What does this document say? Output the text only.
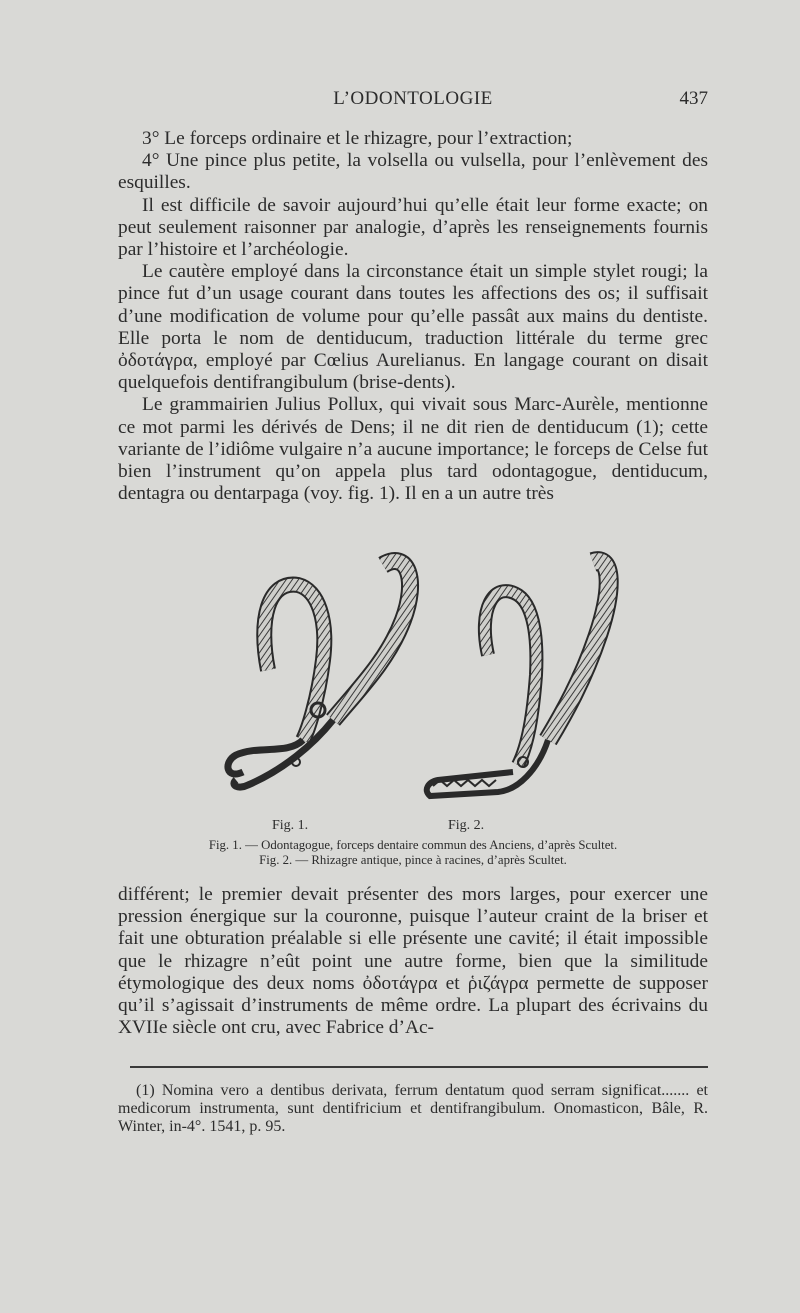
L’ODONTOLOGIE	437

3° Le forceps ordinaire et le rhizagre, pour l’extraction;

4° Une pince plus petite, la volsella ou vulsella, pour l’enlèvement des esquilles.

Il est difficile de savoir aujourd’hui qu’elle était leur forme exacte; on peut seulement raisonner par analogie, d’après les renseignements fournis par l’histoire et l’archéologie.

Le cautère employé dans la circonstance était un simple stylet rougi; la pince fut d’un usage courant dans toutes les affections des os; il suffisait d’une modification de volume pour qu’elle passât aux mains du dentiste. Elle porta le nom de dentiducum, traduction littérale du terme grec ὀδοτάγρα, employé par Cœlius Aurelianus. En langage courant on disait quelquefois dentifrangibulum (brise-dents).

Le grammairien Julius Pollux, qui vivait sous Marc-Aurèle, mentionne ce mot parmi les dérivés de Dens; il ne dit rien de dentiducum (1); cette variante de l’idiôme vulgaire n’a aucune importance; le forceps de Celse fut bien l’instrument qu’on appela plus tard odontagogue, dentiducum, dentagra ou dentarpaga (voy. fig. 1). Il en a un autre très

Fig. 1.	Fig. 2.
Fig. 1. — Odontagogue, forceps dentaire commun des Anciens, d’après Scultet.
Fig. 2. — Rhizagre antique, pince à racines, d’après Scultet.

différent; le premier devait présenter des mors larges, pour exercer une pression énergique sur la couronne, puisque l’auteur craint de la briser et fait une obturation préalable si elle présente une cavité; il était impossible que le rhizagre n’eût point une autre forme, bien que la similitude étymologique des deux noms ὀδοτάγρα et ῥιζάγρα permette de supposer qu’il s’agissait d’instruments de même ordre. La plupart des écrivains du XVIIe siècle ont cru, avec Fabrice d’Ac-

(1) Nomina vero a dentibus derivata, ferrum dentatum quod serram significat....... et medicorum instrumenta, sunt dentifricium et dentifrangibulum. Onomasticon, Bâle, R. Winter, in-4°. 1541, p. 95.
